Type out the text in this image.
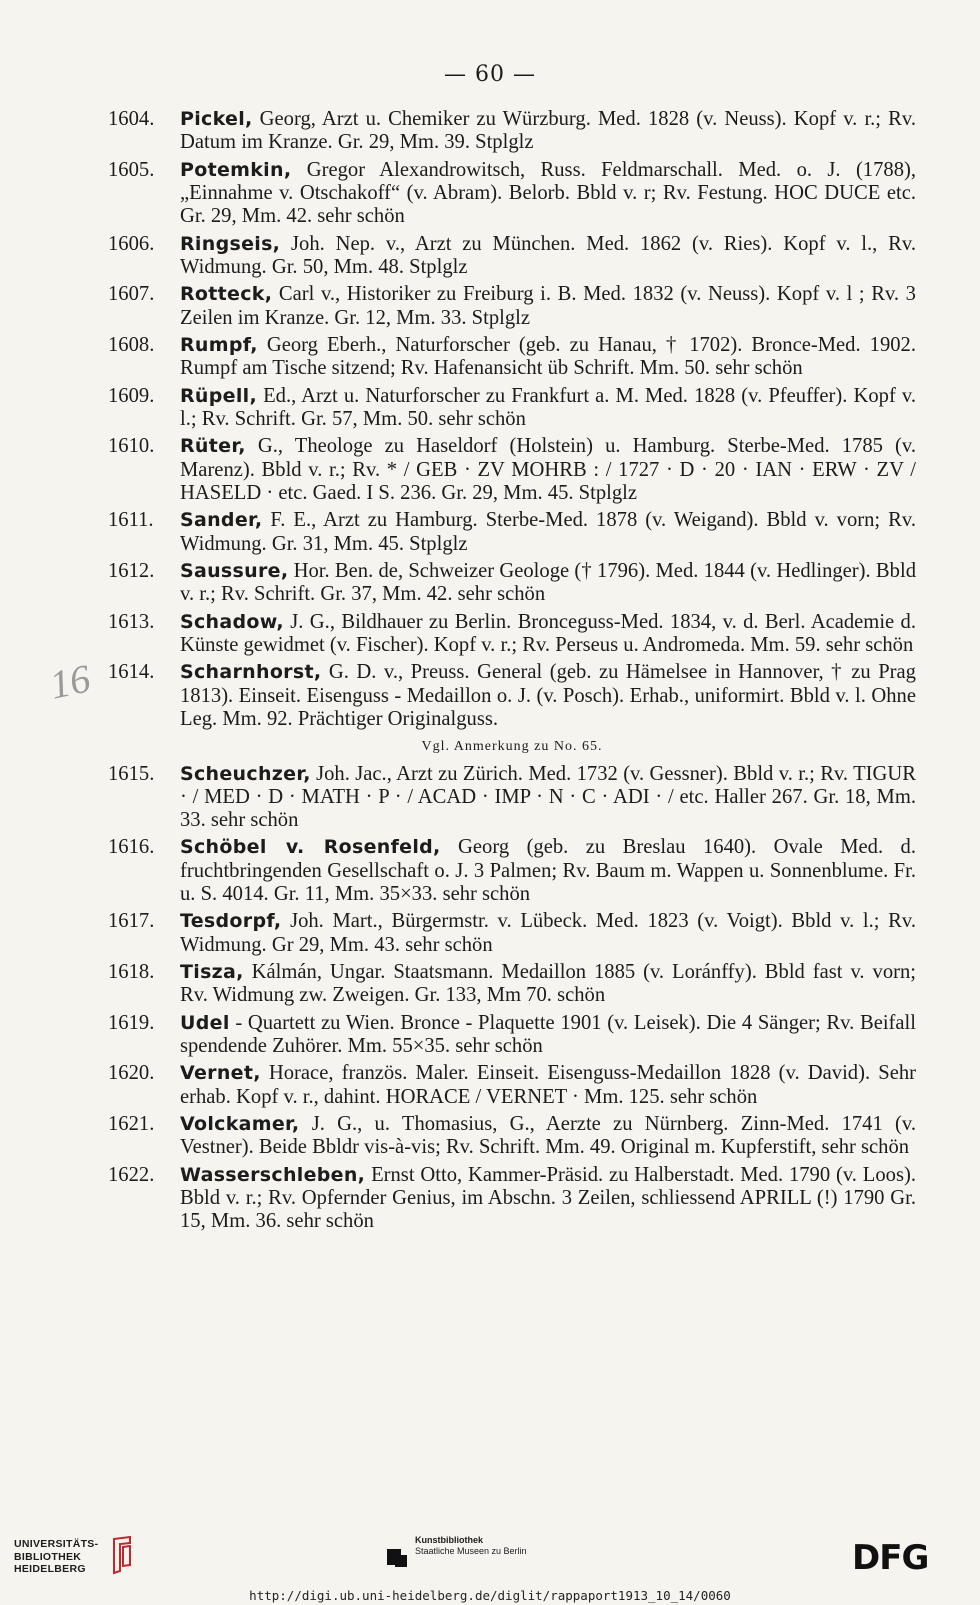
— 60 —
16
1604. Pickel, Georg, Arzt u. Chemiker zu Würzburg. Med. 1828 (v. Neuss). Kopf v. r.; Rv. Datum im Kranze. Gr. 29, Mm. 39. Stplglz
1605. Potemkin, Gregor Alexandrowitsch, Russ. Feldmarschall. Med. o. J. (1788), „Einnahme v. Otschakoff“ (v. Abram). Belorb. Bbld v. r; Rv. Festung. HOC DUCE etc. Gr. 29, Mm. 42. sehr schön
1606. Ringseis, Joh. Nep. v., Arzt zu München. Med. 1862 (v. Ries). Kopf v. l., Rv. Widmung. Gr. 50, Mm. 48. Stplglz
1607. Rotteck, Carl v., Historiker zu Freiburg i. B. Med. 1832 (v. Neuss). Kopf v. l ; Rv. 3 Zeilen im Kranze. Gr. 12, Mm. 33. Stplglz
1608. Rumpf, Georg Eberh., Naturforscher (geb. zu Hanau, † 1702). Bronce-Med. 1902. Rumpf am Tische sitzend; Rv. Hafenansicht üb Schrift. Mm. 50. sehr schön
1609. Rüpell, Ed., Arzt u. Naturforscher zu Frankfurt a. M. Med. 1828 (v. Pfeuffer). Kopf v. l.; Rv. Schrift. Gr. 57, Mm. 50. sehr schön
1610. Rüter, G., Theologe zu Haseldorf (Holstein) u. Hamburg. Sterbe-Med. 1785 (v. Marenz). Bbld v. r.; Rv. * / GEB · ZV MOHRB : / 1727 · D · 20 · IAN · ERW · ZV / HASELD · etc. Gaed. I S. 236. Gr. 29, Mm. 45. Stplglz
1611. Sander, F. E., Arzt zu Hamburg. Sterbe-Med. 1878 (v. Weigand). Bbld v. vorn; Rv. Widmung. Gr. 31, Mm. 45. Stplglz
1612. Saussure, Hor. Ben. de, Schweizer Geologe († 1796). Med. 1844 (v. Hedlinger). Bbld v. r.; Rv. Schrift. Gr. 37, Mm. 42. sehr schön
1613. Schadow, J. G., Bildhauer zu Berlin. Bronceguss-Med. 1834, v. d. Berl. Academie d. Künste gewidmet (v. Fischer). Kopf v. r.; Rv. Perseus u. Andromeda. Mm. 59. sehr schön
1614. Scharnhorst, G. D. v., Preuss. General (geb. zu Hämelsee in Hannover, † zu Prag 1813). Einseit. Eisenguss - Medaillon o. J. (v. Posch). Erhab., uniformirt. Bbld v. l. Ohne Leg. Mm. 92. Prächtiger Originalguss.
Vgl. Anmerkung zu No. 65.
1615. Scheuchzer, Joh. Jac., Arzt zu Zürich. Med. 1732 (v. Gessner). Bbld v. r.; Rv. TIGUR · / MED · D · MATH · P · / ACAD · IMP · N · C · ADI · / etc. Haller 267. Gr. 18, Mm. 33. sehr schön
1616. Schöbel v. Rosenfeld, Georg (geb. zu Breslau 1640). Ovale Med. d. fruchtbringenden Gesellschaft o. J. 3 Palmen; Rv. Baum m. Wappen u. Sonnenblume. Fr. u. S. 4014. Gr. 11, Mm. 35×33. sehr schön
1617. Tesdorpf, Joh. Mart., Bürgermstr. v. Lübeck. Med. 1823 (v. Voigt). Bbld v. l.; Rv. Widmung. Gr 29, Mm. 43. sehr schön
1618. Tisza, Kálmán, Ungar. Staatsmann. Medaillon 1885 (v. Loránffy). Bbld fast v. vorn; Rv. Widmung zw. Zweigen. Gr. 133, Mm 70. schön
1619. Udel - Quartett zu Wien. Bronce - Plaquette 1901 (v. Leisek). Die 4 Sänger; Rv. Beifall spendende Zuhörer. Mm. 55×35. sehr schön
1620. Vernet, Horace, französ. Maler. Einseit. Eisenguss-Medaillon 1828 (v. David). Sehr erhab. Kopf v. r., dahint. HORACE / VERNET · Mm. 125. sehr schön
1621. Volckamer, J. G., u. Thomasius, G., Aerzte zu Nürnberg. Zinn-Med. 1741 (v. Vestner). Beide Bbldr vis-à-vis; Rv. Schrift. Mm. 49. Original m. Kupferstift, sehr schön
1622. Wasserschleben, Ernst Otto, Kammer-Präsid. zu Halberstadt. Med. 1790 (v. Loos). Bbld v. r.; Rv. Opfernder Genius, im Abschn. 3 Zeilen, schliessend APRILL (!) 1790 Gr. 15, Mm. 36. sehr schön
UNIVERSITÄTS- BIBLIOTHEK HEIDELBERG
Kunstbibliothek
Staatliche Museen zu Berlin	DFG
http://digi.ub.uni-heidelberg.de/diglit/rappaport1913_10_14/0060
